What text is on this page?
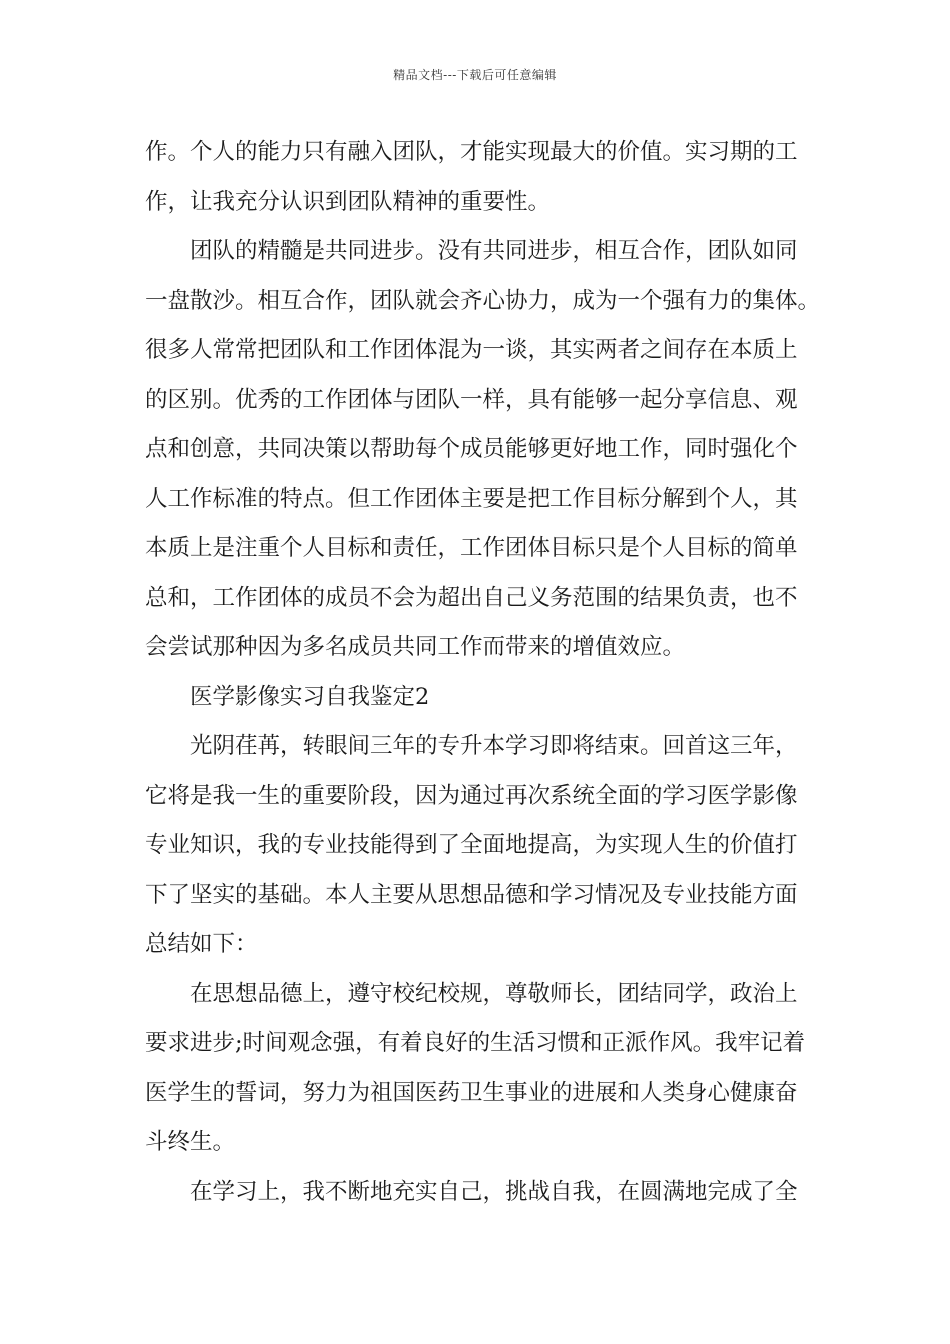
精品文档---下载后可任意编辑
作。个人的能力只有融入团队，才能实现最大的价值。实习期的工
作，让我充分认识到团队精神的重要性。
团队的精髓是共同进步。没有共同进步，相互合作，团队如同
一盘散沙。相互合作，团队就会齐心协力，成为一个强有力的集体。
很多人常常把团队和工作团体混为一谈，其实两者之间存在本质上
的区别。优秀的工作团体与团队一样，具有能够一起分享信息、观
点和创意，共同决策以帮助每个成员能够更好地工作，同时强化个
人工作标准的特点。但工作团体主要是把工作目标分解到个人，其
本质上是注重个人目标和责任，工作团体目标只是个人目标的简单
总和，工作团体的成员不会为超出自己义务范围的结果负责，也不
会尝试那种因为多名成员共同工作而带来的增值效应。
医学影像实习自我鉴定2
光阴荏苒，转眼间三年的专升本学习即将结束。回首这三年，
它将是我一生的重要阶段，因为通过再次系统全面的学习医学影像
专业知识，我的专业技能得到了全面地提高，为实现人生的价值打
下了坚实的基础。本人主要从思想品德和学习情况及专业技能方面
总结如下：
在思想品德上，遵守校纪校规，尊敬师长，团结同学，政治上
要求进步;时间观念强，有着良好的生活习惯和正派作风。我牢记着
医学生的誓词，努力为祖国医药卫生事业的进展和人类身心健康奋
斗终生。
在学习上，我不断地充实自己，挑战自我，在圆满地完成了全
